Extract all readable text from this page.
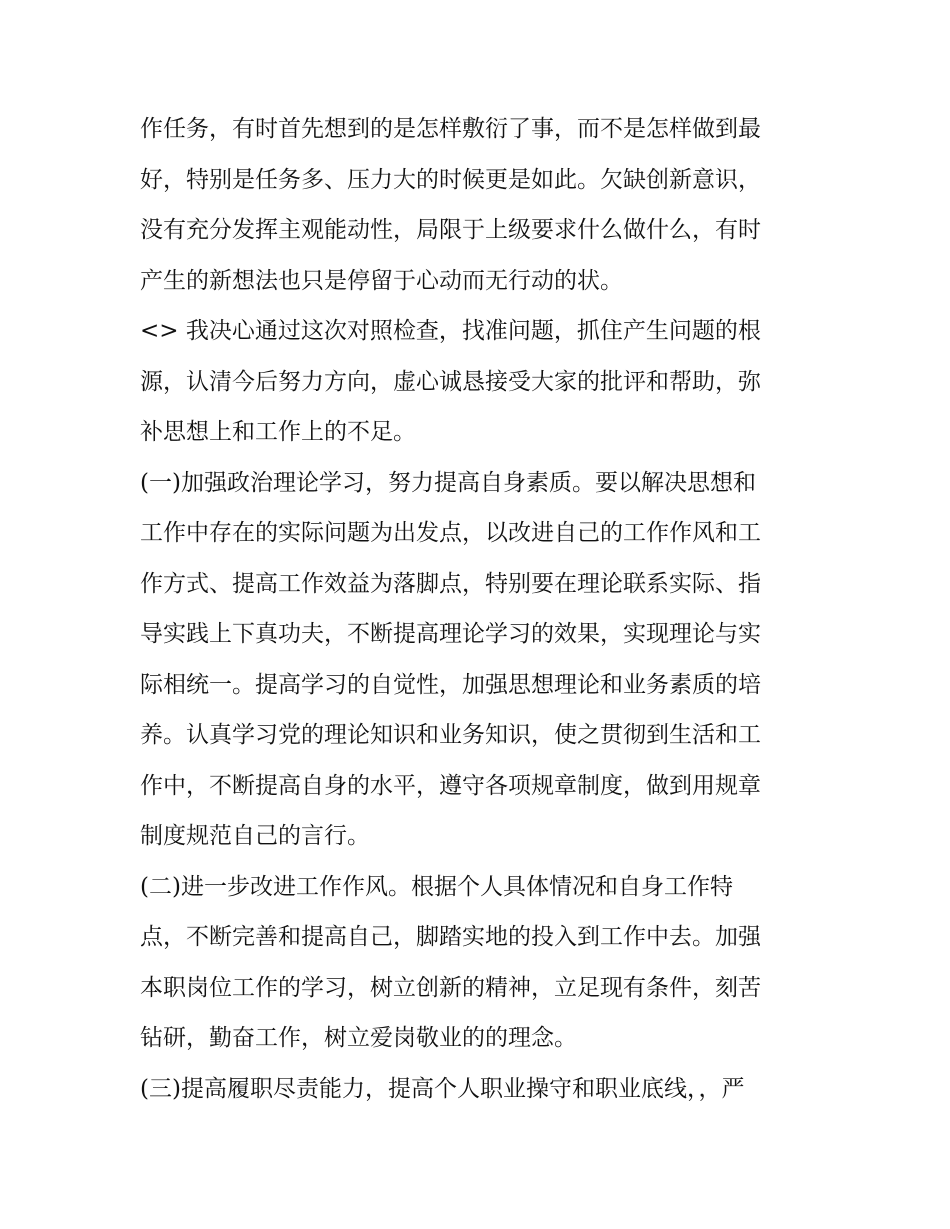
作任务，有时首先想到的是怎样敷衍了事，而不是怎样做到最
好，特别是任务多、压力大的时候更是如此。欠缺创新意识，
没有充分发挥主观能动性，局限于上级要求什么做什么，有时
产生的新想法也只是停留于心动而无行动的状。
<> 我决心通过这次对照检查，找准问题，抓住产生问题的根
源，认清今后努力方向，虚心诚恳接受大家的批评和帮助，弥
补思想上和工作上的不足。
(一)加强政治理论学习，努力提高自身素质。要以解决思想和
工作中存在的实际问题为出发点，以改进自己的工作作风和工
作方式、提高工作效益为落脚点，特别要在理论联系实际、指
导实践上下真功夫，不断提高理论学习的效果，实现理论与实
际相统一。提高学习的自觉性，加强思想理论和业务素质的培
养。认真学习党的理论知识和业务知识，使之贯彻到生活和工
作中，不断提高自身的水平，遵守各项规章制度，做到用规章
制度规范自己的言行。
(二)进一步改进工作作风。根据个人具体情况和自身工作特
点，不断完善和提高自己，脚踏实地的投入到工作中去。加强
本职岗位工作的学习，树立创新的精神，立足现有条件，刻苦
钻研，勤奋工作，树立爱岗敬业的的理念。
(三)提高履职尽责能力，提高个人职业操守和职业底线，，严
